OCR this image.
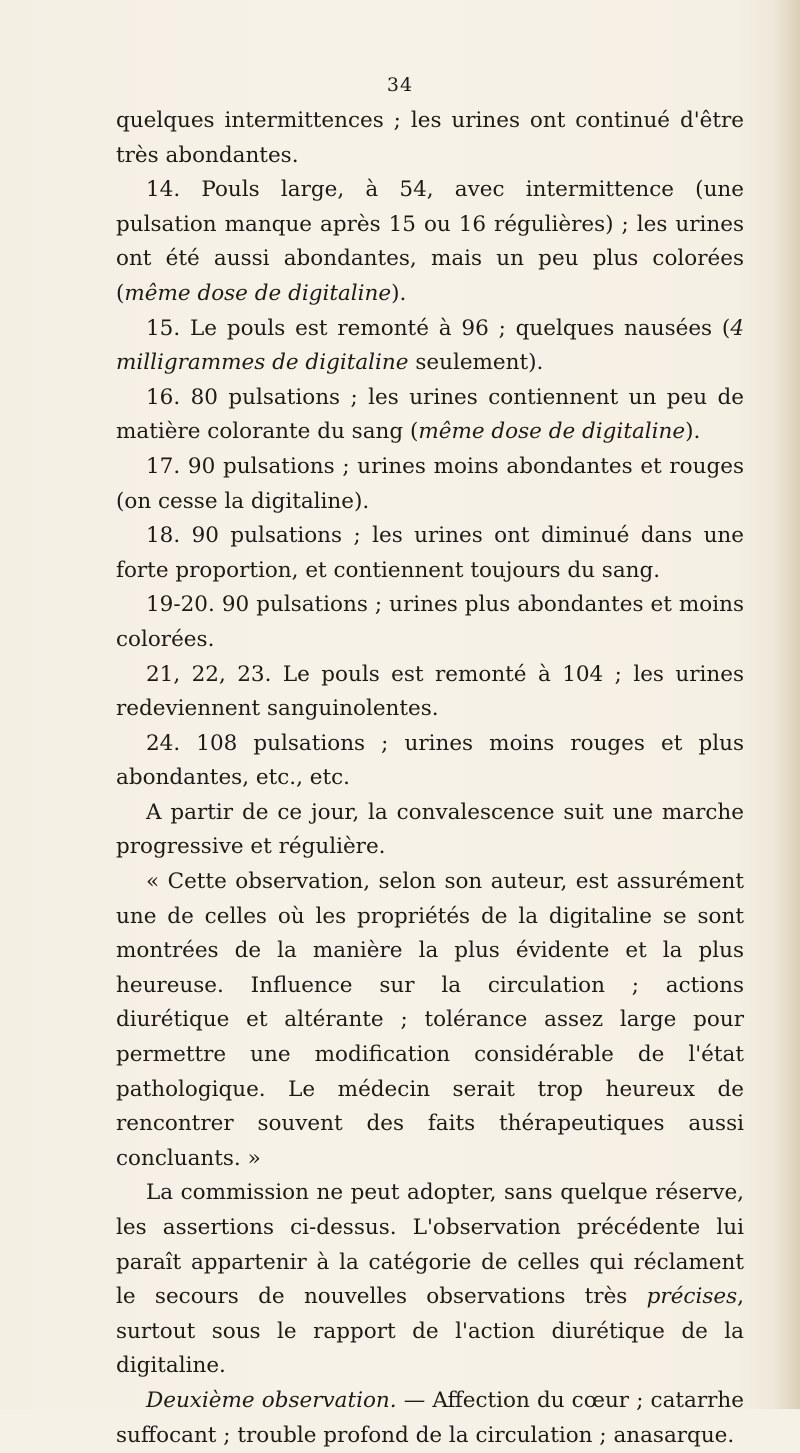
34

quelques intermittences ; les urines ont continué d'être très abondantes.

14. Pouls large, à 54, avec intermittence (une pulsation manque après 15 ou 16 régulières) ; les urines ont été aussi abondantes, mais un peu plus colorées (même dose de digitaline).

15. Le pouls est remonté à 96 ; quelques nausées (4 milligrammes de digitaline seulement).

16. 80 pulsations ; les urines contiennent un peu de matière colorante du sang (même dose de digitaline).

17. 90 pulsations ; urines moins abondantes et rouges (on cesse la digitaline).

18. 90 pulsations ; les urines ont diminué dans une forte proportion, et contiennent toujours du sang.

19-20. 90 pulsations ; urines plus abondantes et moins colorées.

21, 22, 23. Le pouls est remonté à 104 ; les urines redeviennent sanguinolentes.

24. 108 pulsations ; urines moins rouges et plus abondantes, etc., etc.

A partir de ce jour, la convalescence suit une marche progressive et régulière.

« Cette observation, selon son auteur, est assurément une de celles où les propriétés de la digitaline se sont montrées de la manière la plus évidente et la plus heureuse. Influence sur la circulation ; actions diurétique et altérante ; tolérance assez large pour permettre une modification considérable de l'état pathologique. Le médecin serait trop heureux de rencontrer souvent des faits thérapeutiques aussi concluants. »

La commission ne peut adopter, sans quelque réserve, les assertions ci-dessus. L'observation précédente lui paraît appartenir à la catégorie de celles qui réclament le secours de nouvelles observations très précises, surtout sous le rapport de l'action diurétique de la digitaline.

Deuxième observation. — Affection du cœur ; catarrhe suffocant ; trouble profond de la circulation ; anasarque.
